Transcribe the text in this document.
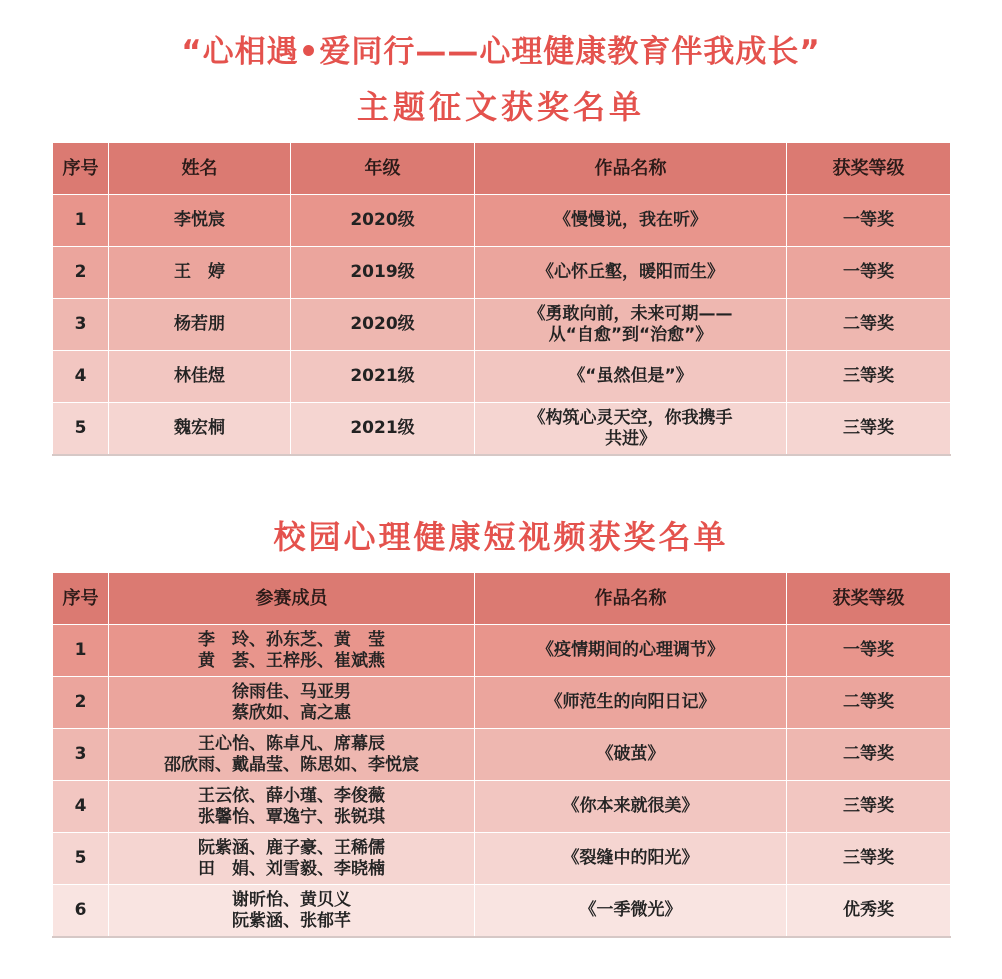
“心相遇•爱同行——心理健康教育伴我成长”
主题征文获奖名单
序号	姓名	年级	作品名称	获奖等级
1	李悦宸	2020级	《慢慢说，我在听》	一等奖
2	王　婷	2019级	《心怀丘壑，暖阳而生》	一等奖
3	杨若朋	2020级	《勇敢向前，未来可期——
从“自愈”到“治愈”》	二等奖
4	林佳煜	2021级	《“虽然但是”》	三等奖
5	魏宏桐	2021级	《构筑心灵天空，你我携手
共进》	三等奖
校园心理健康短视频获奖名单
序号	参赛成员	作品名称	获奖等级
1	李　玲、孙东芝、黄　莹
黄　荟、王梓彤、崔斌燕	《疫情期间的心理调节》	一等奖
2	徐雨佳、马亚男
蔡欣如、高之惠	《师范生的向阳日记》	二等奖
3	王心怡、陈卓凡、席幕辰
邵欣雨、戴晶莹、陈思如、李悦宸	《破茧》	二等奖
4	王云依、薛小瑾、李俊薇
张馨怡、覃逸宁、张锐琪	《你本来就很美》	三等奖
5	阮紫涵、鹿子豪、王稀儒
田　娟、刘雪毅、李晓楠	《裂缝中的阳光》	三等奖
6	谢昕怡、黄贝义
阮紫涵、张郁芊	《一季微光》	优秀奖
